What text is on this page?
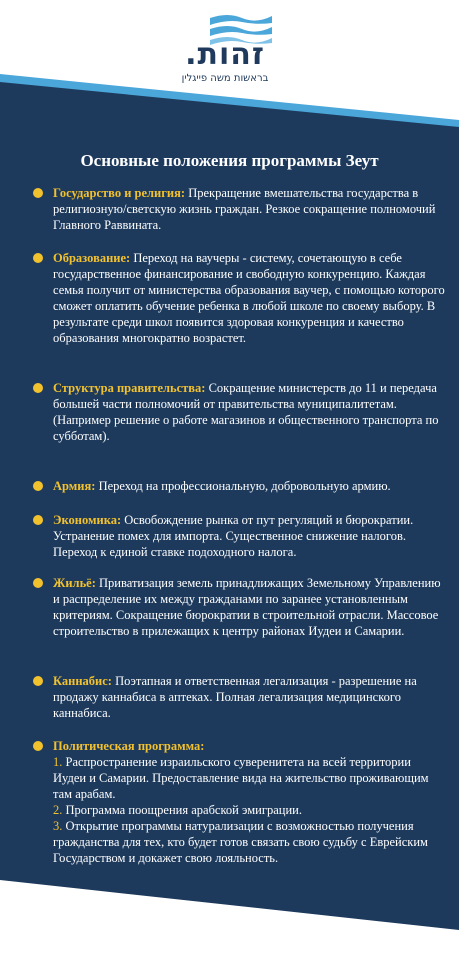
זהות.
בראשות משה פייגלין
Основные положения программы Зеут
Государство и религия: Прекращение вмешательства государства в религиозную/светскую жизнь граждан. Резкое сокращение полномочий Главного Раввината.
Образование: Переход на ваучеры - систему, сочетающую в себе государственное финансирование и свободную конкуренцию. Каждая семья получит от министерства образования ваучер, с помощью которого сможет оплатить обучение ребенка в любой школе по своему выбору. В результате среди школ появится здоровая конкуренция и качество образования многократно возрастет.
Структура правительства: Сокращение министерств до 11 и передача большей части полномочий от правительства муниципалитетам. (Например решение о работе магазинов и общественного транспорта по субботам).
Армия: Переход на профессиональную, добровольную армию.
Экономика: Освобождение рынка от пут регуляций и бюрократии. Устранение помех для импорта. Существенное снижение налогов. Переход к единой ставке подоходного налога.
Жильё: Приватизация земель принадлижащих Земельному Управлению и распределение их между гражданами по заранее установленным критериям. Сокращение бюрократии в строительной отрасли. Массовое строительство в прилежащих к центру районах Иудеи и Самарии.
Каннабис: Поэтапная и ответственная легализация - разрешение на продажу каннабиса в аптеках. Полная легализация медицинского каннабиса.
Политическая программа:
1. Распространение израильского суверенитета на всей территории Иудеи и Самарии. Предоставление вида на жительство проживающим там арабам.
2. Программа поощрения арабской эмиграции.
3. Открытие программы натурализации с возможностью получения гражданства для тех, кто будет готов связать свою судьбу с Еврейским Государством и докажет свою лояльность.
